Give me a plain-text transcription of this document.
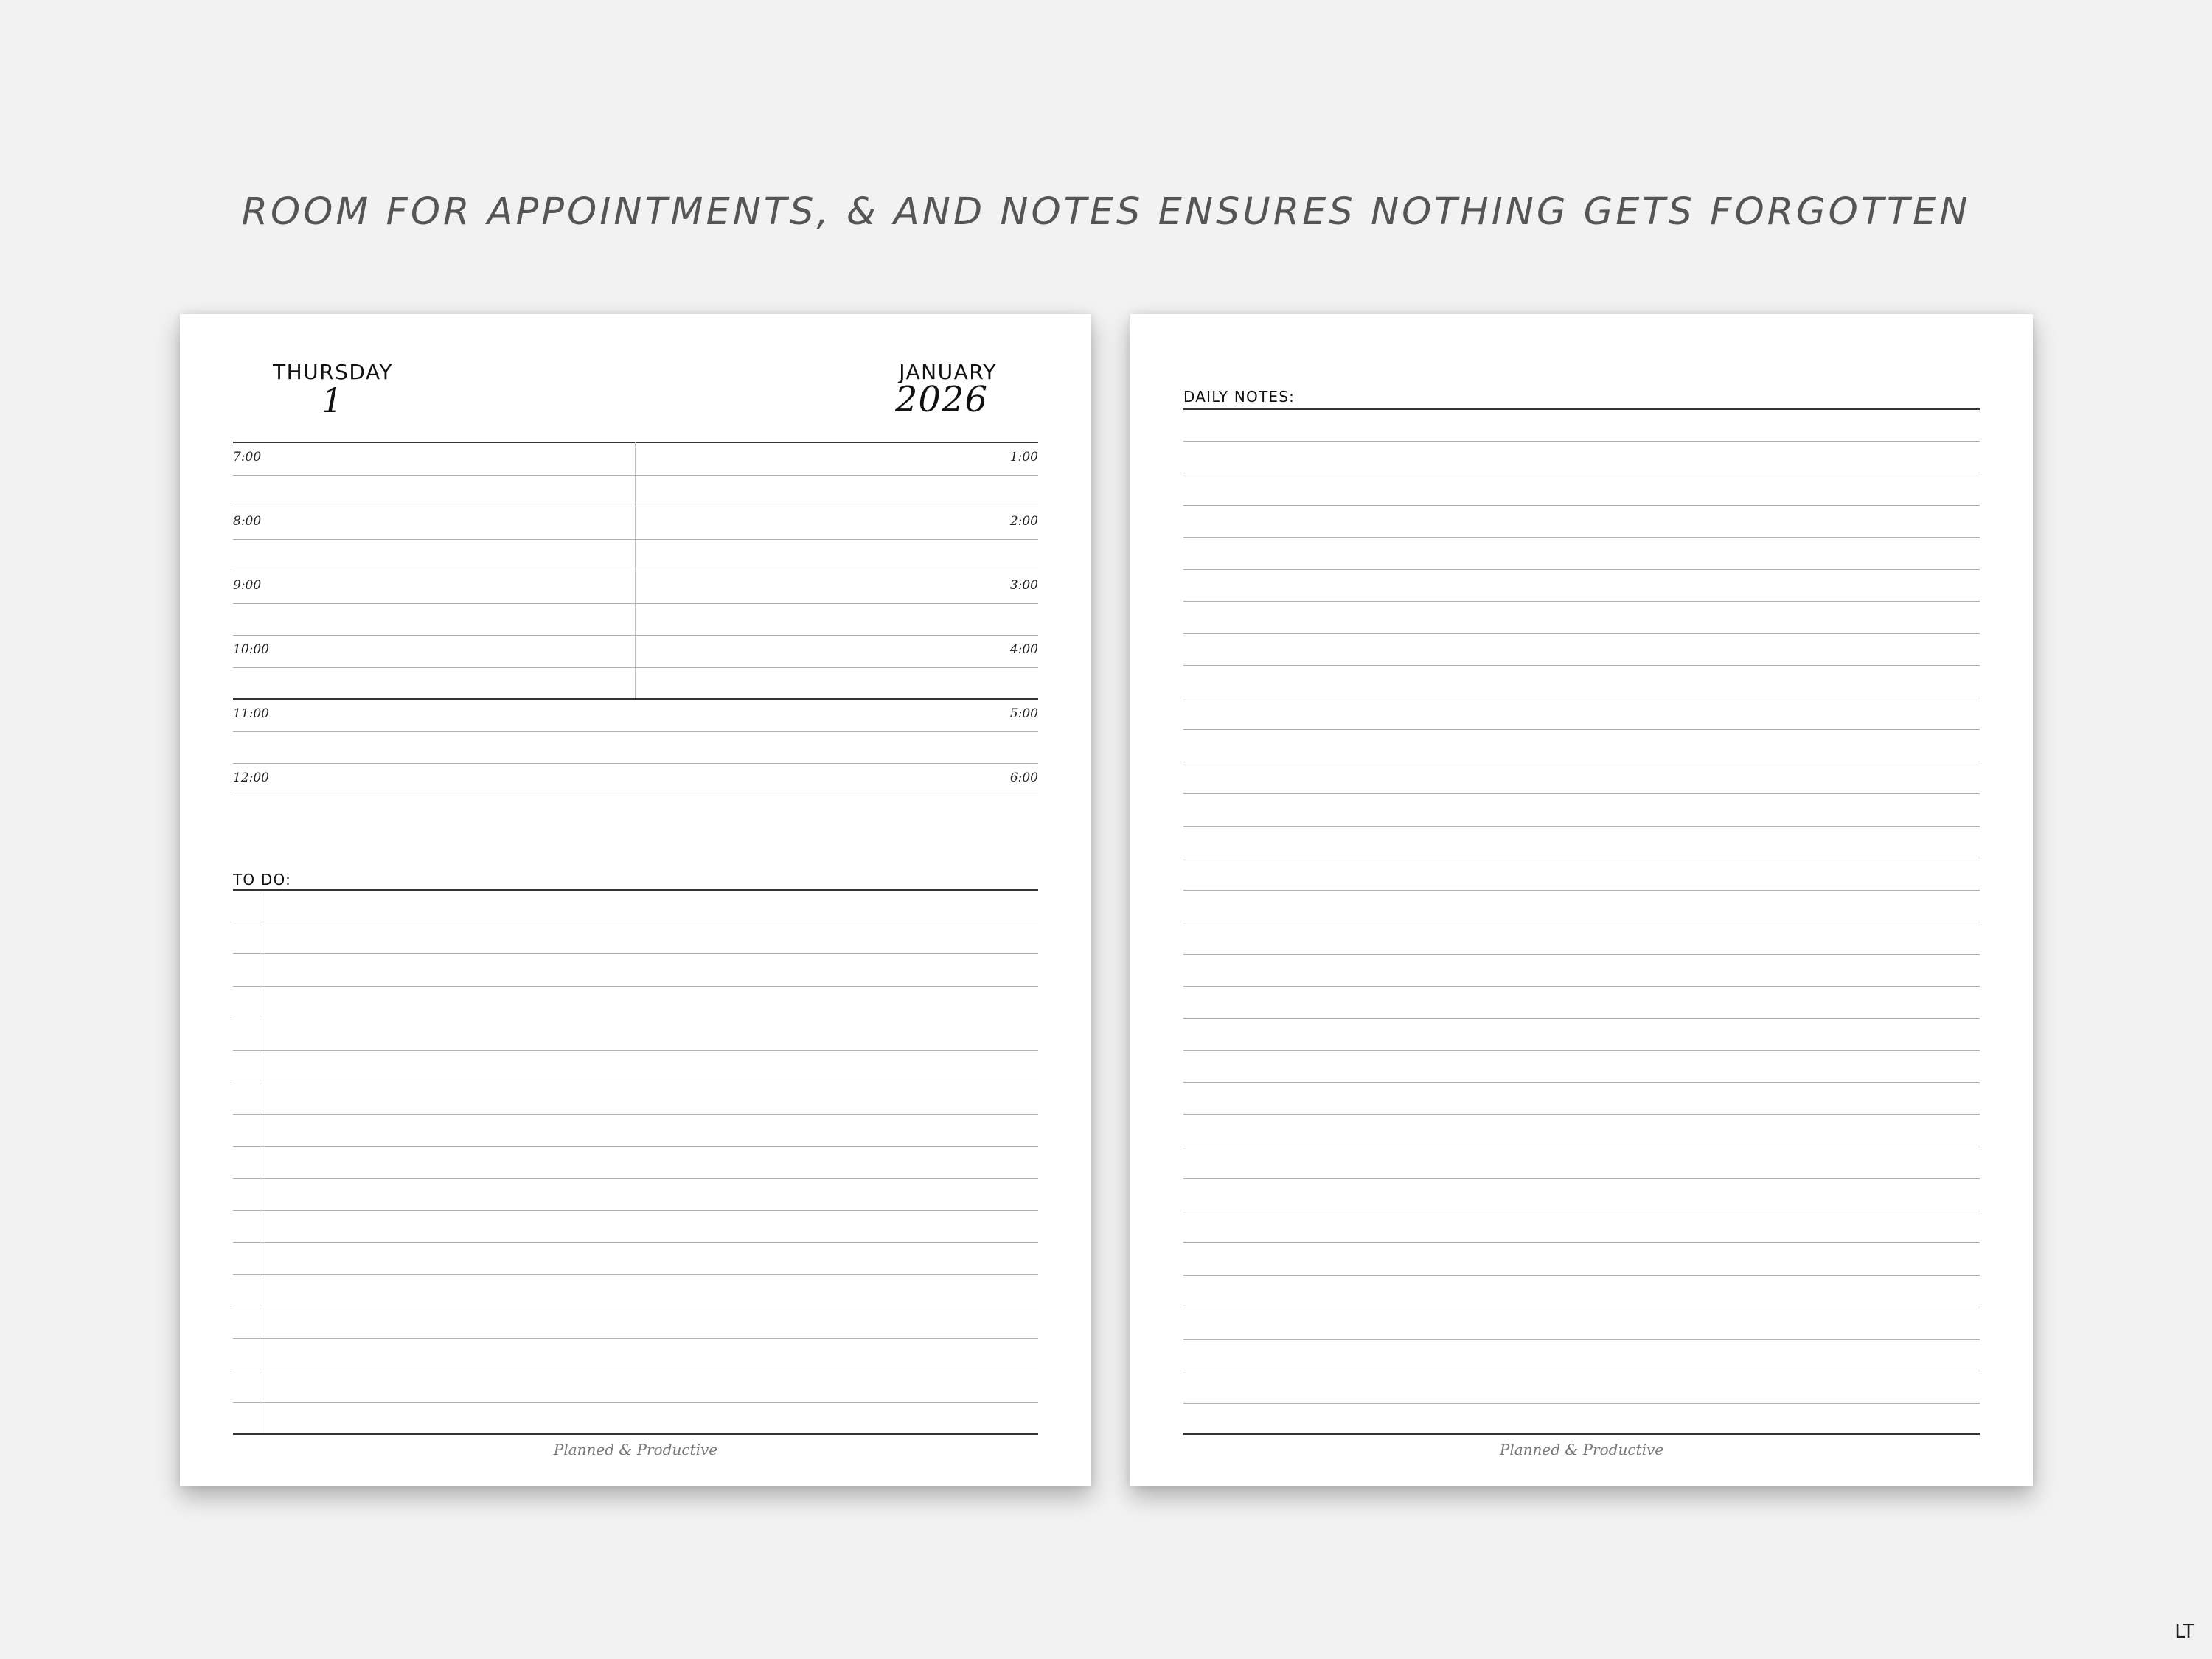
ROOM FOR APPOINTMENTS, & AND NOTES ENSURES NOTHING GETS FORGOTTEN
THURSDAY
1
JANUARY
2026
7:00
8:00
9:00
10:00
11:00
12:00
1:00
2:00
3:00
4:00
5:00
6:00
TO DO:
Planned & Productive
DAILY NOTES:
Planned & Productive
LT
